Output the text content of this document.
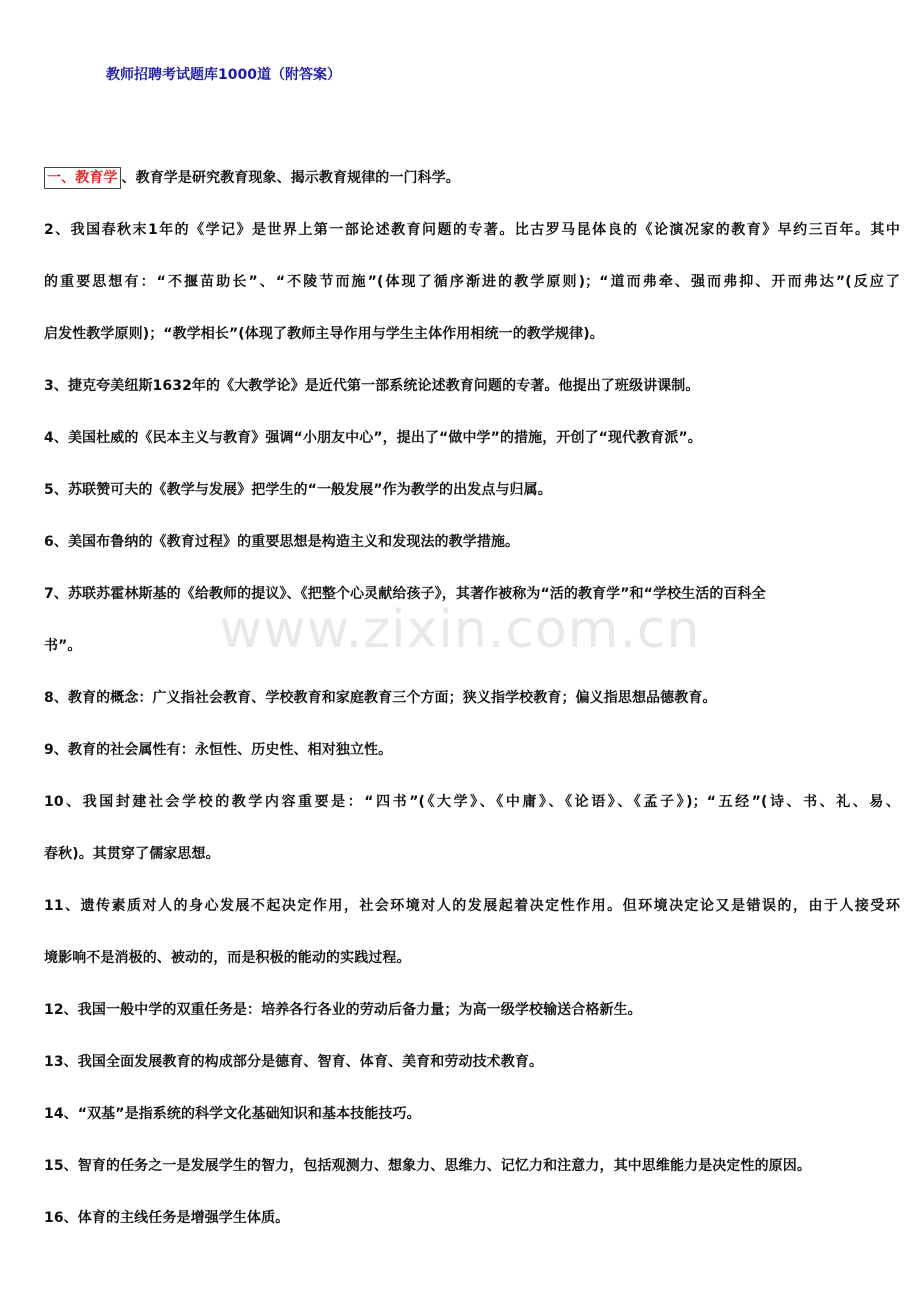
教师招聘考试题库1000道（附答案）
www.zixin.com.cn
一、教育学 、教育学是研究教育现象、揭示教育规律的一门科学。
2、我国春秋末1年的《学记》是世界上第一部论述教育问题的专著。比古罗马昆体良的《论演况家的教育》早约三百年。其中
的重要思想有：“不揠苗助长”、“不陵节而施”(体现了循序渐进的教学原则)；“道而弗牵、强而弗抑、开而弗达”(反应了
启发性教学原则)；“教学相长”(体现了教师主导作用与学生主体作用相统一的教学规律)。
3、捷克夸美纽斯1632年的《大教学论》是近代第一部系统论述教育问题的专著。他提出了班级讲课制。
4、美国杜威的《民本主义与教育》强调“小朋友中心”，提出了“做中学”的措施，开创了“现代教育派”。
5、苏联赞可夫的《教学与发展》把学生的“一般发展”作为教学的出发点与归属。
6、美国布鲁纳的《教育过程》的重要思想是构造主义和发现法的教学措施。
7、苏联苏霍林斯基的《给教师的提议》、《把整个心灵献给孩子》，其著作被称为“活的教育学”和“学校生活的百科全
书”。
8、教育的概念：广义指社会教育、学校教育和家庭教育三个方面；狭义指学校教育；偏义指思想品德教育。
9、教育的社会属性有：永恒性、历史性、相对独立性。
10、我国封建社会学校的教学内容重要是：“四书”(《大学》、《中庸》、《论语》、《孟子》)；“五经”(诗、书、礼、易、
春秋)。其贯穿了儒家思想。
11、遗传素质对人的身心发展不起决定作用，社会环境对人的发展起着决定性作用。但环境决定论又是错误的，由于人接受环
境影响不是消极的、被动的，而是积极的能动的实践过程。
12、我国一般中学的双重任务是：培养各行各业的劳动后备力量；为高一级学校输送合格新生。
13、我国全面发展教育的构成部分是德育、智育、体育、美育和劳动技术教育。
14、“双基”是指系统的科学文化基础知识和基本技能技巧。
15、智育的任务之一是发展学生的智力，包括观测力、想象力、思维力、记忆力和注意力，其中思维能力是决定性的原因。
16、体育的主线任务是增强学生体质。
